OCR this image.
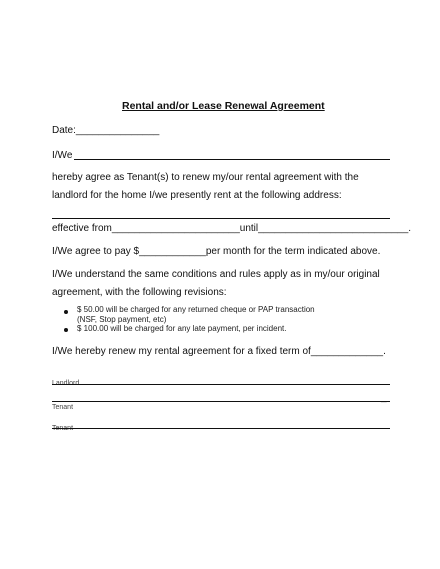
Rental and/or Lease Renewal Agreement
Date:_______________
I/We
hereby agree as Tenant(s) to renew my/our rental agreement with the
landlord for the home I/we presently rent at the following address:
effective from_______________________until___________________________.
I/We agree to pay $____________per month for the term indicated above.
I/We understand the same conditions and rules apply as in my/our original
agreement, with the following revisions:
$ 50.00 will be charged for any returned cheque or PAP transaction
(NSF, Stop payment, etc)
$ 100.00 will be charged for any late payment, per incident.
I/We hereby renew my rental agreement for a fixed term of_____________.
Landlord
_
Tenant
Tenant
